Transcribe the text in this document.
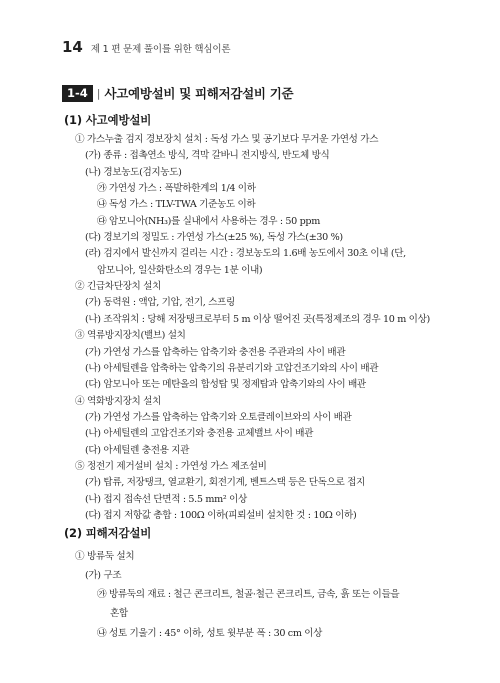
14 제 1 편 문제 풀이를 위한 핵심이론
1-4 | 사고예방설비 및 피해저감설비 기준
(1) 사고예방설비
(2) 피해저감설비
① 가스누출 검지 경보장치 설치 : 독성 가스 및 공기보다 무거운 가연성 가스
(가) 종류 : 접촉연소 방식, 격막 갈바니 전지방식, 반도체 방식
(나) 경보농도(검지농도)
㉮ 가연성 가스 : 폭발하한계의 1/4 이하
㉯ 독성 가스 : TLV-TWA 기준농도 이하
㉰ 암모니아(NH₃)를 실내에서 사용하는 경우 : 50 ppm
(다) 경보기의 정밀도 : 가연성 가스(±25 %), 독성 가스(±30 %)
(라) 검지에서 발신까지 걸리는 시간 : 경보농도의 1.6배 농도에서 30초 이내 (단,
암모니아, 일산화탄소의 경우는 1분 이내)
② 긴급차단장치 설치
(가) 동력원 : 액압, 기압, 전기, 스프링
(나) 조작위치 : 당해 저장탱크로부터 5 m 이상 떨어진 곳(특정제조의 경우 10 m 이상)
③ 역류방지장치(밸브) 설치
(가) 가연성 가스를 압축하는 압축기와 충전용 주관과의 사이 배관
(나) 아세틸렌을 압축하는 압축기의 유분리기와 고압건조기와의 사이 배관
(다) 암모니아 또는 메탄올의 합성탑 및 정제탑과 압축기와의 사이 배관
④ 역화방지장치 설치
(가) 가연성 가스를 압축하는 압축기와 오토클레이브와의 사이 배관
(나) 아세틸렌의 고압건조기와 충전용 교체밸브 사이 배관
(다) 아세틸렌 충전용 지관
① 방류둑 설치
(가) 구조
㉮ 방류둑의 재료 : 철근 콘크리트, 철골·철근 콘크리트, 금속, 흙 또는 이들을
혼합
㉯ 성토 기울기 : 45° 이하, 성토 윗부분 폭 : 30 cm 이상
⑤ 정전기 제거설비 설치 : 가연성 가스 제조설비
(가) 탑류, 저장탱크, 열교환기, 회전기계, 벤트스택 등은 단독으로 접지
(나) 접지 접속선 단면적 : 5.5 mm² 이상
(다) 접지 저항값 총합 : 100Ω 이하(피뢰설비 설치한 것 : 10Ω 이하)
